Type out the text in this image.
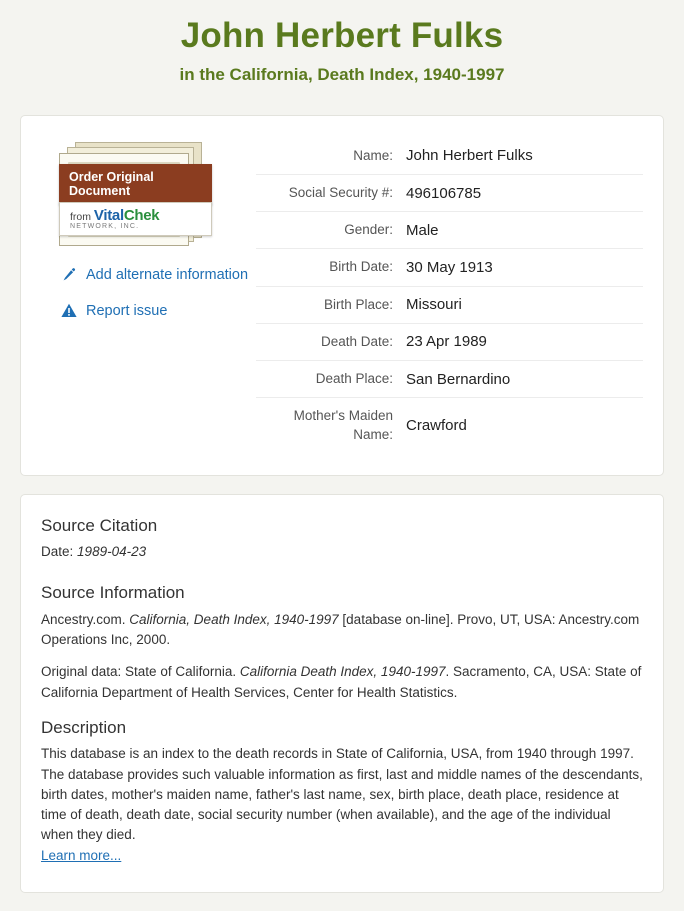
John Herbert Fulks
in the California, Death Index, 1940-1997
Order Original Document
from VitalChek
NETWORK, INC.
Add alternate information
Report issue
Name:	John Herbert Fulks
Social Security #:	496106785
Gender:	Male
Birth Date:	30 May 1913
Birth Place:	Missouri
Death Date:	23 Apr 1989
Death Place:	San Bernardino
Mother's Maiden Name:	Crawford
Source Citation

Date: 1989-04-23

Source Information

Ancestry.com. California, Death Index, 1940-1997 [database on-line]. Provo, UT, USA: Ancestry.com Operations Inc, 2000.

Original data: State of California. California Death Index, 1940-1997. Sacramento, CA, USA: State of California Department of Health Services, Center for Health Statistics.

Description

This database is an index to the death records in State of California, USA, from 1940 through 1997. The database provides such valuable information as first, last and middle names of the descendants, birth dates, mother's maiden name, father's last name, sex, birth place, death place, residence at time of death, death date, social security number (when available), and the age of the individual when they died.

Learn more...
